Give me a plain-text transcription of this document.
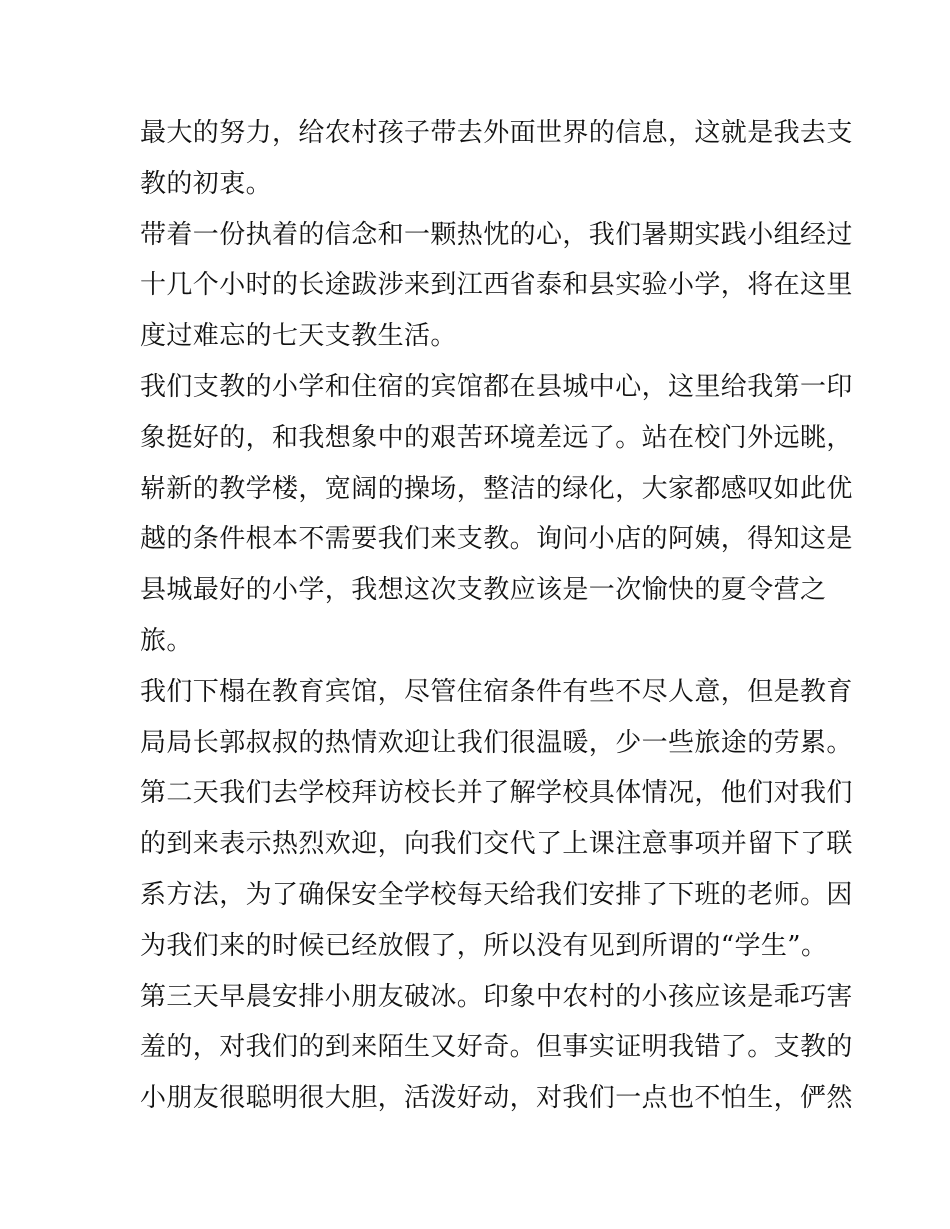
最大的努力，给农村孩子带去外面世界的信息，这就是我去支
教的初衷。
带着一份执着的信念和一颗热忱的心，我们暑期实践小组经过
十几个小时的长途跋涉来到江西省泰和县实验小学，将在这里
度过难忘的七天支教生活。
我们支教的小学和住宿的宾馆都在县城中心，这里给我第一印
象挺好的，和我想象中的艰苦环境差远了。站在校门外远眺，
崭新的教学楼，宽阔的操场，整洁的绿化，大家都感叹如此优
越的条件根本不需要我们来支教。询问小店的阿姨，得知这是
县城最好的小学，我想这次支教应该是一次愉快的夏令营之
旅。
我们下榻在教育宾馆，尽管住宿条件有些不尽人意，但是教育
局局长郭叔叔的热情欢迎让我们很温暖，少一些旅途的劳累。
第二天我们去学校拜访校长并了解学校具体情况，他们对我们
的到来表示热烈欢迎，向我们交代了上课注意事项并留下了联
系方法，为了确保安全学校每天给我们安排了下班的老师。因
为我们来的时候已经放假了，所以没有见到所谓的“学生”。
第三天早晨安排小朋友破冰。印象中农村的小孩应该是乖巧害
羞的，对我们的到来陌生又好奇。但事实证明我错了。支教的
小朋友很聪明很大胆，活泼好动，对我们一点也不怕生，俨然
